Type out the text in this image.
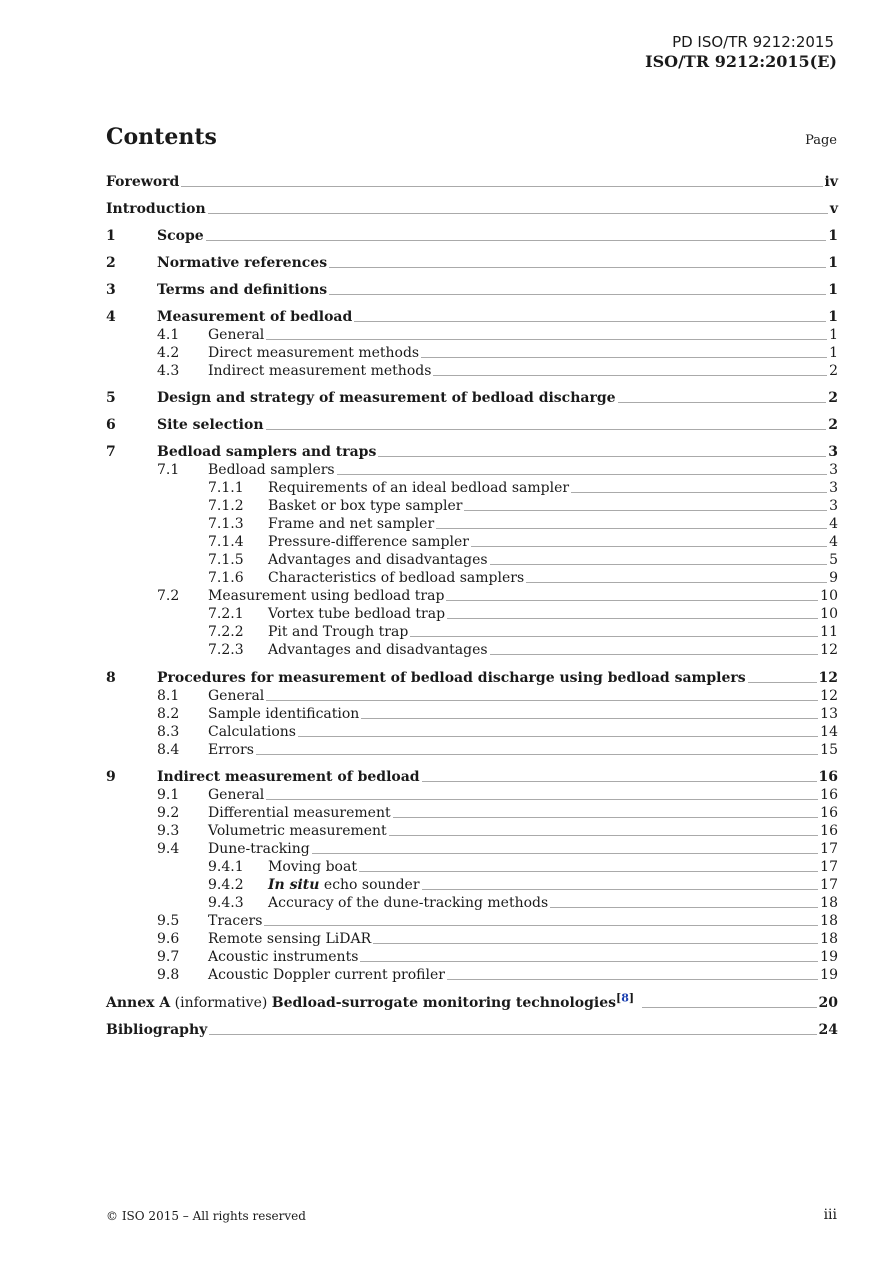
PD ISO/TR 9212:2015
ISO/TR 9212:2015(E)
Contents	Page
Foreword	iv
Introduction	v
1	Scope	1
2	Normative references	1
3	Terms and definitions	1
4	Measurement of bedload	1
4.1	General	1
4.2	Direct measurement methods	1
4.3	Indirect measurement methods	2
5	Design and strategy of measurement of bedload discharge	2
6	Site selection	2
7	Bedload samplers and traps	3
7.1	Bedload samplers	3
7.1.1	Requirements of an ideal bedload sampler	3
7.1.2	Basket or box type sampler	3
7.1.3	Frame and net sampler	4
7.1.4	Pressure-difference sampler	4
7.1.5	Advantages and disadvantages	5
7.1.6	Characteristics of bedload samplers	9
7.2	Measurement using bedload trap	10
7.2.1	Vortex tube bedload trap	10
7.2.2	Pit and Trough trap	11
7.2.3	Advantages and disadvantages	12
8	Procedures for measurement of bedload discharge using bedload samplers	12
8.1	General	12
8.2	Sample identification	13
8.3	Calculations	14
8.4	Errors	15
9	Indirect measurement of bedload	16
9.1	General	16
9.2	Differential measurement	16
9.3	Volumetric measurement	16
9.4	Dune-tracking	17
9.4.1	Moving boat	17
9.4.2	In situ echo sounder	17
9.4.3	Accuracy of the dune-tracking methods	18
9.5	Tracers	18
9.6	Remote sensing LiDAR	18
9.7	Acoustic instruments	19
9.8	Acoustic Doppler current profiler	19
Annex A (informative) Bedload-surrogate monitoring technologies[8]	20
Bibliography	24
© ISO 2015 – All rights reserved	iii
